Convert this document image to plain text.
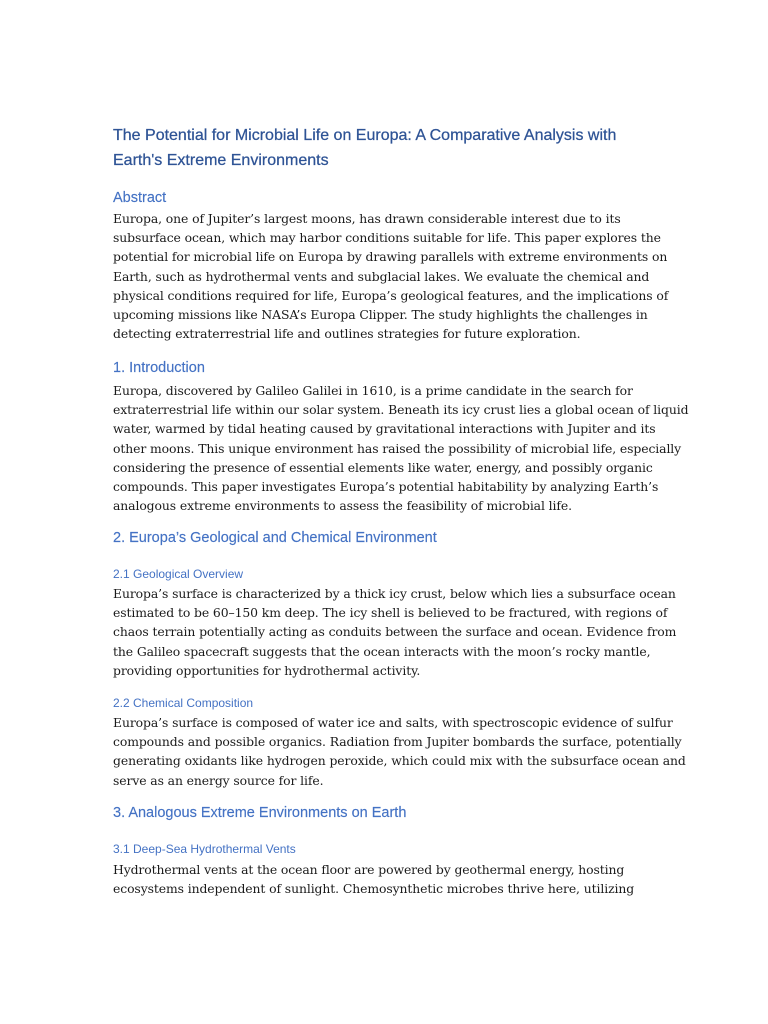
The Potential for Microbial Life on Europa: A Comparative Analysis with
Earth's Extreme Environments
Abstract

Europa, one of Jupiter’s largest moons, has drawn considerable interest due to its
subsurface ocean, which may harbor conditions suitable for life. This paper explores the
potential for microbial life on Europa by drawing parallels with extreme environments on
Earth, such as hydrothermal vents and subglacial lakes. We evaluate the chemical and
physical conditions required for life, Europa’s geological features, and the implications of
upcoming missions like NASA’s Europa Clipper. The study highlights the challenges in
detecting extraterrestrial life and outlines strategies for future exploration.

1. Introduction

Europa, discovered by Galileo Galilei in 1610, is a prime candidate in the search for
extraterrestrial life within our solar system. Beneath its icy crust lies a global ocean of liquid
water, warmed by tidal heating caused by gravitational interactions with Jupiter and its
other moons. This unique environment has raised the possibility of microbial life, especially
considering the presence of essential elements like water, energy, and possibly organic
compounds. This paper investigates Europa’s potential habitability by analyzing Earth’s
analogous extreme environments to assess the feasibility of microbial life.

2. Europa’s Geological and Chemical Environment
2.1 Geological Overview

Europa’s surface is characterized by a thick icy crust, below which lies a subsurface ocean
estimated to be 60–150 km deep. The icy shell is believed to be fractured, with regions of
chaos terrain potentially acting as conduits between the surface and ocean. Evidence from
the Galileo spacecraft suggests that the ocean interacts with the moon’s rocky mantle,
providing opportunities for hydrothermal activity.

2.2 Chemical Composition

Europa’s surface is composed of water ice and salts, with spectroscopic evidence of sulfur
compounds and possible organics. Radiation from Jupiter bombards the surface, potentially
generating oxidants like hydrogen peroxide, which could mix with the subsurface ocean and
serve as an energy source for life.

3. Analogous Extreme Environments on Earth
3.1 Deep-Sea Hydrothermal Vents

Hydrothermal vents at the ocean floor are powered by geothermal energy, hosting
ecosystems independent of sunlight. Chemosynthetic microbes thrive here, utilizing
